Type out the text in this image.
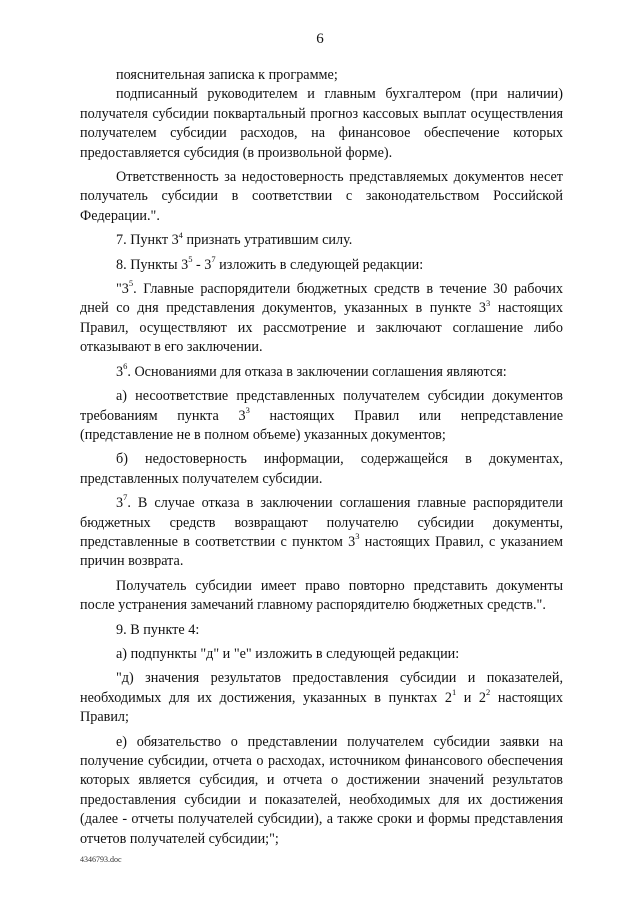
6

пояснительная записка к программе;

подписанный руководителем и главным бухгалтером (при наличии) получателя субсидии поквартальный прогноз кассовых выплат осуществления получателем субсидии расходов, на финансовое обеспечение которых предоставляется субсидия (в произвольной форме).

Ответственность за недостоверность представляемых документов несет получатель субсидии в соответствии с законодательством Российской Федерации.".

7. Пункт $3^4$ признать утратившим силу.

8. Пункты $3^5 - 3^7$ изложить в следующей редакции:

"$3^5$. Главные распорядители бюджетных средств в течение 30 рабочих дней со дня представления документов, указанных в пункте $3^3$ настоящих Правил, осуществляют их рассмотрение и заключают соглашение либо отказывают в его заключении.

$3^6$. Основаниями для отказа в заключении соглашения являются:

а) несоответствие представленных получателем субсидии документов требованиям пункта $3^3$ настоящих Правил или непредставление (представление не в полном объеме) указанных документов;

б) недостоверность информации, содержащейся в документах, представленных получателем субсидии.

$3^7$. В случае отказа в заключении соглашения главные распорядители бюджетных средств возвращают получателю субсидии документы, представленные в соответствии с пунктом $3^3$ настоящих Правил, с указанием причин возврата.

Получатель субсидии имеет право повторно представить документы после устранения замечаний главному распорядителю бюджетных средств.".

9. В пункте 4:

а) подпункты "д" и "е" изложить в следующей редакции:

"д) значения результатов предоставления субсидии и показателей, необходимых для их достижения, указанных в пунктах $2^1$ и $2^2$ настоящих Правил;

е) обязательство о представлении получателем субсидии заявки на получение субсидии, отчета о расходах, источником финансового обеспечения которых является субсидия, и отчета о достижении значений результатов предоставления субсидии и показателей, необходимых для их достижения (далее - отчеты получателей субсидии), а также сроки и формы представления отчетов получателей субсидии;";

4346793.doc
